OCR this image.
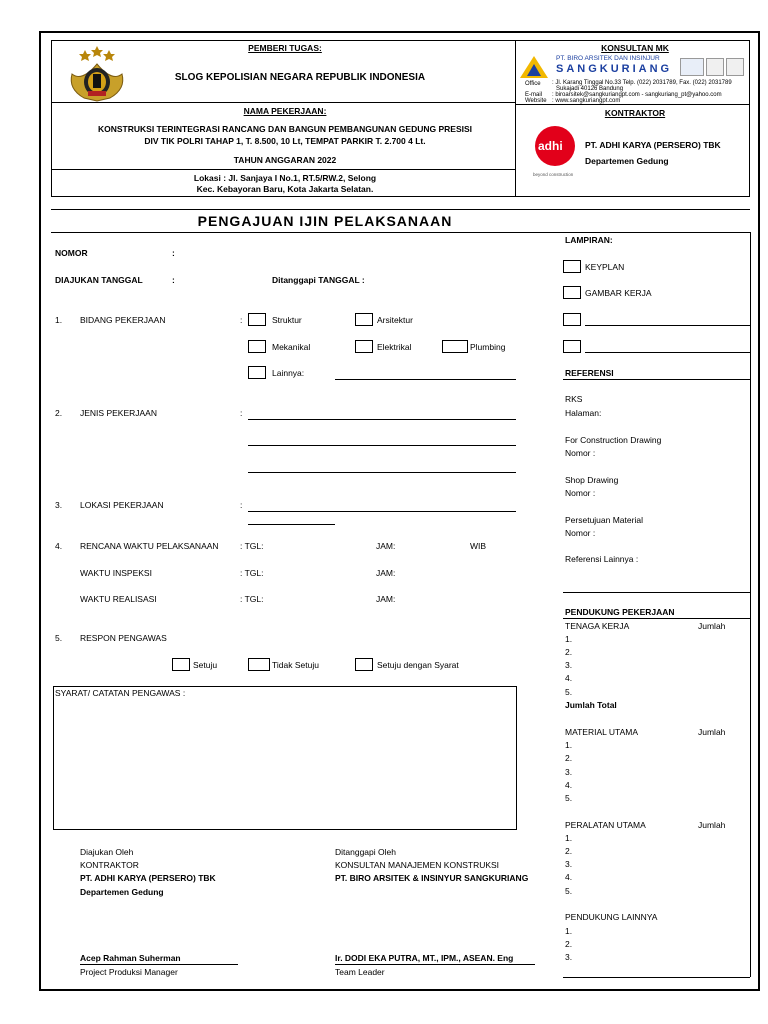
PEMBERI TUGAS:
SLOG KEPOLISIAN NEGARA REPUBLIK INDONESIA
KONSULTAN MK
PT. BIRO ARSITEK DAN INSINJUR
SANGKURIANG
Office : Jl. Karang Tinggal No.33 Telp. (022) 2031789, Fax. (022) 2031789
Sukajadi 40126 Bandung
E-mail : biroarsitek@sangkuriangpt.com - sangkuriang_pt@yahoo.com
Website : www.sangkuriangpt.com
KONTRAKTOR
adhi
beyond construction
PT. ADHI KARYA (PERSERO) TBK
Departemen Gedung
NAMA PEKERJAAN:
KONSTRUKSI TERINTEGRASI RANCANG DAN BANGUN PEMBANGUNAN GEDUNG PRESISI
DIV TIK POLRI TAHAP 1, T. 8.500, 10 Lt, TEMPAT PARKIR T. 2.700 4 Lt.
TAHUN ANGGARAN 2022
Lokasi : Jl. Sanjaya I No.1, RT.5/RW.2, Selong
Kec. Kebayoran Baru, Kota Jakarta Selatan.
PENGAJUAN IJIN PELAKSANAAN
NOMOR	:
DIAJUKAN TANGGAL	:	Ditanggapi TANGGAL :
1. BIDANG PEKERJAAN	:	Struktur	Arsitektur
Mekanikal	Elektrikal	Plumbing
Lainnya:
2. JENIS PEKERJAAN	:
3. LOKASI PEKERJAAN	:
4. RENCANA WAKTU PELAKSANAAN	: TGL:	JAM:	WIB
WAKTU INSPEKSI	: TGL:	JAM:
WAKTU REALISASI	: TGL:	JAM:
5. RESPON PENGAWAS
Setuju	Tidak Setuju	Setuju dengan Syarat
SYARAT/ CATATAN PENGAWAS :
Diajukan Oleh
KONTRAKTOR
PT. ADHI KARYA (PERSERO) TBK
Departemen Gedung
Acep Rahman Suherman
Project Produksi Manager
Ditanggapi Oleh
KONSULTAN MANAJEMEN KONSTRUKSI
PT. BIRO ARSITEK & INSINYUR SANGKURIANG
Ir. DODI EKA PUTRA, MT., IPM., ASEAN. Eng
Team Leader
LAMPIRAN:
KEYPLAN
GAMBAR KERJA
REFERENSI
RKS
Halaman:
For Construction Drawing
Nomor :
Shop Drawing
Nomor :
Persetujuan Material
Nomor :
Referensi Lainnya :
PENDUKUNG PEKERJAAN
TENAGA KERJA	Jumlah
1.
2.
3.
4.
5.
Jumlah Total
MATERIAL UTAMA	Jumlah
1.
2.
3.
4.
5.
PERALATAN UTAMA	Jumlah
1.
2.
3.
4.
5.
PENDUKUNG LAINNYA
1.
2.
3.
